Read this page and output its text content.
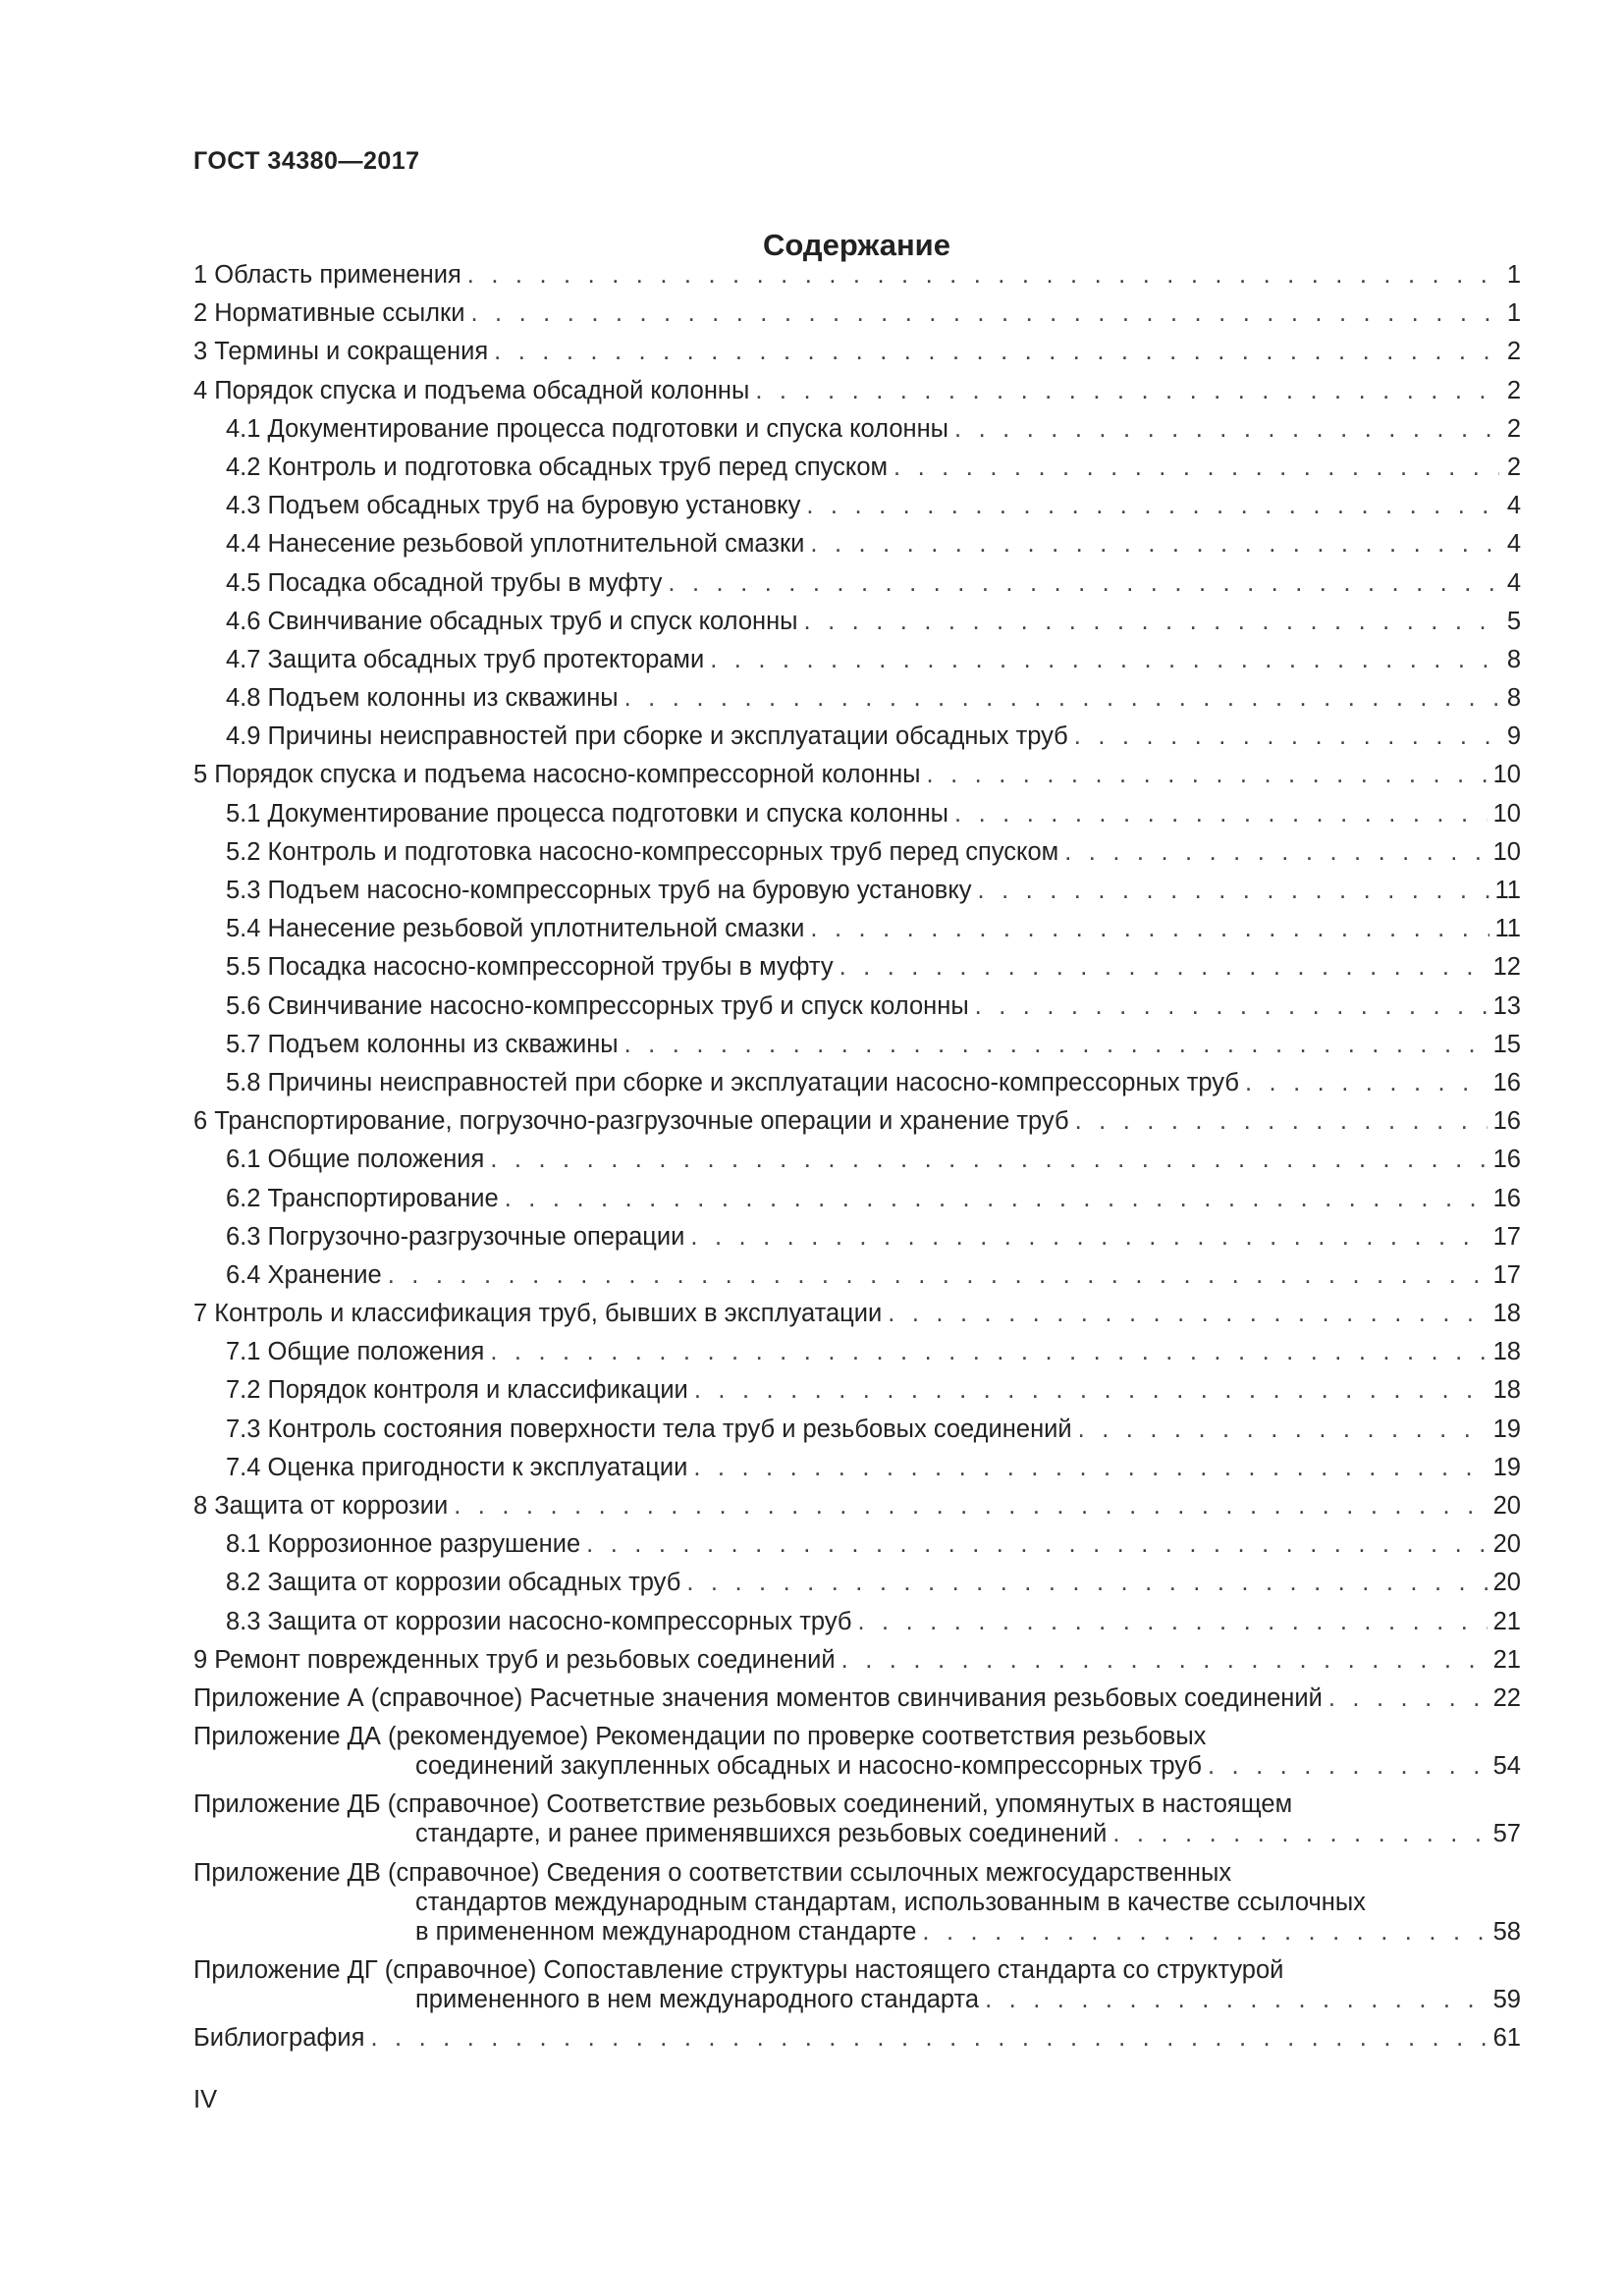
ГОСТ 34380—2017
Содержание
1 Область применения . . .	1
2 Нормативные ссылки . . .	1
3 Термины и сокращения . . .	2
4 Порядок спуска и подъема обсадной колонны . . .	2
4.1 Документирование процесса подготовки и спуска колонны . . .	2
4.2 Контроль и подготовка обсадных труб перед спуском . . .	2
4.3 Подъем обсадных труб на буровую установку . . .	4
4.4 Нанесение резьбовой уплотнительной смазки . . .	4
4.5 Посадка обсадной трубы в муфту . . .	4
4.6 Свинчивание обсадных труб и спуск колонны . . .	5
4.7 Защита обсадных труб протекторами . . .	8
4.8 Подъем колонны из скважины . . .	8
4.9 Причины неисправностей при сборке и эксплуатации обсадных труб . . .	9
5 Порядок спуска и подъема насосно-компрессорной колонны . . .	10
5.1 Документирование процесса подготовки и спуска колонны . . .	10
5.2 Контроль и подготовка насосно-компрессорных труб перед спуском . . .	10
5.3 Подъем насосно-компрессорных труб на буровую установку . . .	11
5.4 Нанесение резьбовой уплотнительной смазки . . .	11
5.5 Посадка насосно-компрессорной трубы в муфту . . .	12
5.6 Свинчивание насосно-компрессорных труб и спуск колонны . . .	13
5.7 Подъем колонны из скважины . . .	15
5.8 Причины неисправностей при сборке и эксплуатации насосно-компрессорных труб . . .	16
6 Транспортирование, погрузочно-разгрузочные операции и хранение труб . . .	16
6.1 Общие положения . . .	16
6.2 Транспортирование . . .	16
6.3 Погрузочно-разгрузочные операции . . .	17
6.4 Хранение . . .	17
7 Контроль и классификация труб, бывших в эксплуатации . . .	18
7.1 Общие положения . . .	18
7.2 Порядок контроля и классификации . . .	18
7.3 Контроль состояния поверхности тела труб и резьбовых соединений . . .	19
7.4 Оценка пригодности к эксплуатации . . .	19
8 Защита от коррозии . . .	20
8.1 Коррозионное разрушение . . .	20
8.2 Защита от коррозии обсадных труб . . .	20
8.3 Защита от коррозии насосно-компрессорных труб . . .	21
9 Ремонт поврежденных труб и резьбовых соединений . . .	21
Приложение А (справочное) Расчетные значения моментов свинчивания резьбовых соединений . . .	22
Приложение ДА (рекомендуемое) Рекомендации по проверке соответствия резьбовых
соединений закупленных обсадных и насосно-компрессорных труб . . .	54
Приложение ДБ (справочное) Соответствие резьбовых соединений, упомянутых в настоящем
стандарте, и ранее применявшихся резьбовых соединений . . .	57
Приложение ДВ (справочное) Сведения о соответствии ссылочных межгосударственных
стандартов международным стандартам, использованным в качестве ссылочных
в примененном международном стандарте . . .	58
Приложение ДГ (справочное) Сопоставление структуры настоящего стандарта со структурой
примененного в нем международного стандарта . . .	59
Библиография . . .	61
IV
